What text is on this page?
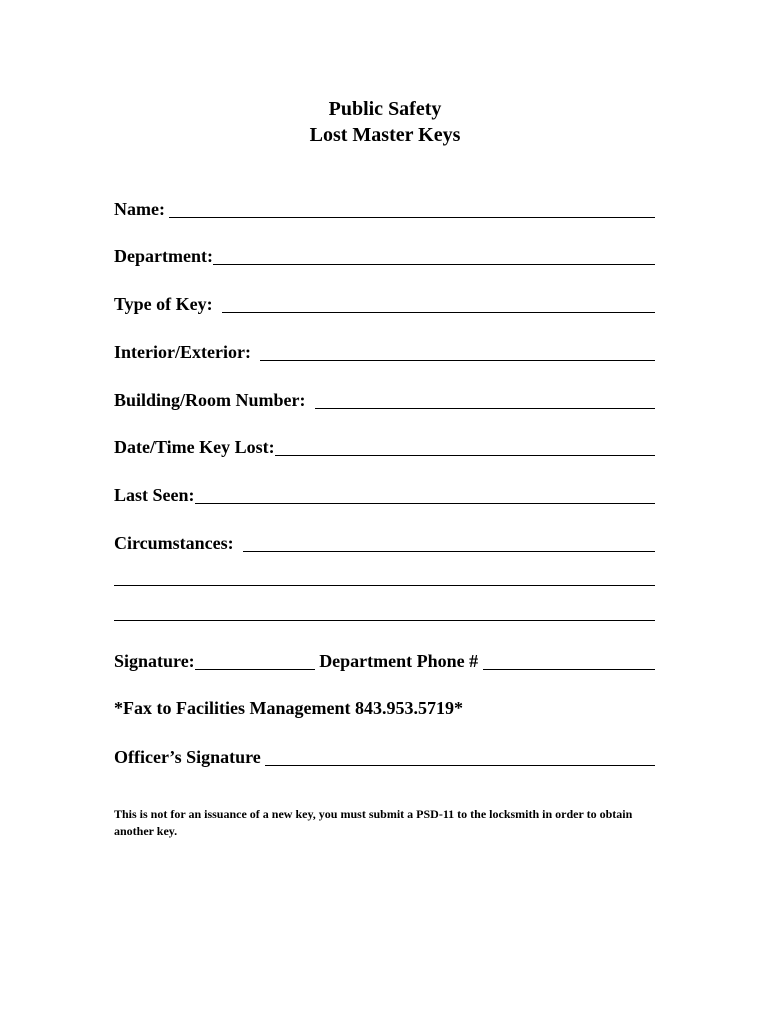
Public Safety
Lost Master Keys
Name:
Department:
Type of Key:
Interior/Exterior:
Building/Room Number:
Date/Time Key Lost:
Last Seen:
Circumstances:
Signature:	Department Phone #
*Fax to Facilities Management 843.953.5719*
Officer’s Signature
This is not for an issuance of a new key, you must submit a PSD-11 to the locksmith in order to obtain another key.
